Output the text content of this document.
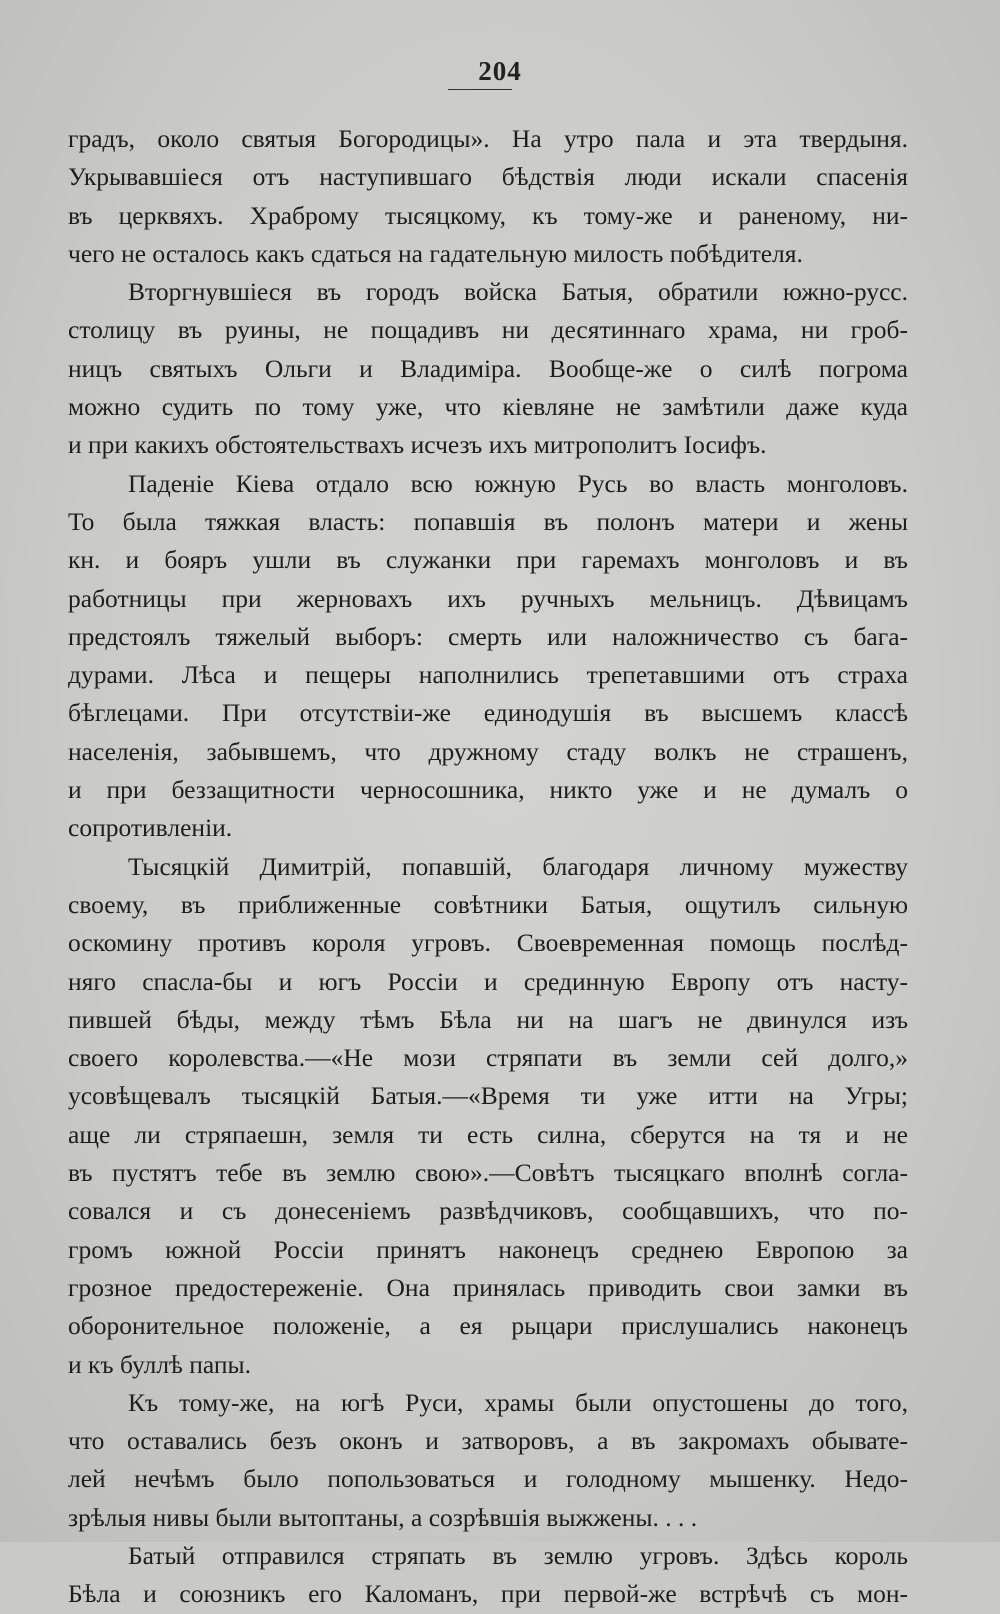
204
градъ, около святыя Богородицы». На утро пала и эта твердыня.
Укрывавшіеся отъ наступившаго бѣдствія люди искали спасенія
въ церквяхъ. Храброму тысяцкому, къ тому-же и раненому, ни-
чего не осталось какъ сдаться на гадательную милость побѣдителя.
Вторгнувшіеся въ городъ войска Батыя, обратили южно-русс.
столицу въ руины, не пощадивъ ни десятиннаго храма, ни гроб-
ницъ святыхъ Ольги и Владиміра. Вообще-же о силѣ погрома
можно судить по тому уже, что кіевляне не замѣтили даже куда
и при какихъ обстоятельствахъ исчезъ ихъ митрополитъ Іосифъ.
Паденіе Кіева отдало всю южную Русь во власть монголовъ.
То была тяжкая власть: попавшія въ полонъ матери и жены
кн. и бояръ ушли въ служанки при гаремахъ монголовъ и въ
работницы при жерновахъ ихъ ручныхъ мельницъ. Дѣвицамъ
предстоялъ тяжелый выборъ: смерть или наложничество съ бага-
дурами. Лѣса и пещеры наполнились трепетавшими отъ страха
бѣглецами. При отсутствіи-же единодушія въ высшемъ классѣ
населенія, забывшемъ, что дружному стаду волкъ не страшенъ,
и при беззащитности черносошника, никто уже и не думалъ о
сопротивленіи.
Тысяцкій Димитрій, попавшій, благодаря личному мужеству
своему, въ приближенные совѣтники Батыя, ощутилъ сильную
оскомину противъ короля угровъ. Своевременная помощь послѣд-
няго спасла-бы и югъ Россіи и срединную Европу отъ насту-
пившей бѣды, между тѣмъ Бѣла ни на шагъ не двинулся изъ
своего королевства.—«Не мози стряпати въ земли сей долго,»
усовѣщевалъ тысяцкій Батыя.—«Время ти уже итти на Угры;
аще ли стряпаешн, земля ти есть силна, сберутся на тя и не
въ пустятъ тебе въ землю свою».—Совѣтъ тысяцкаго вполнѣ согла-
совался и съ донесеніемъ развѣдчиковъ, сообщавшихъ, что по-
громъ южной Россіи принятъ наконецъ среднею Европою за
грозное предостереженіе. Она принялась приводить свои замки въ
оборонительное положеніе, а ея рыцари прислушались наконецъ
и къ буллѣ папы.
Къ тому-же, на югѣ Руси, храмы были опустошены до того,
что оставались безъ оконъ и затворовъ, а въ закромахъ обывате-
лей нечѣмъ было попользоваться и голодному мышенку. Недо-
зрѣлыя нивы были вытоптаны, а созрѣвшія выжжены. . . .
Батый отправился стряпать въ землю угровъ. Здѣсь король
Бѣла и союзникъ его Каломанъ, при первой-же встрѣчѣ съ мон-
